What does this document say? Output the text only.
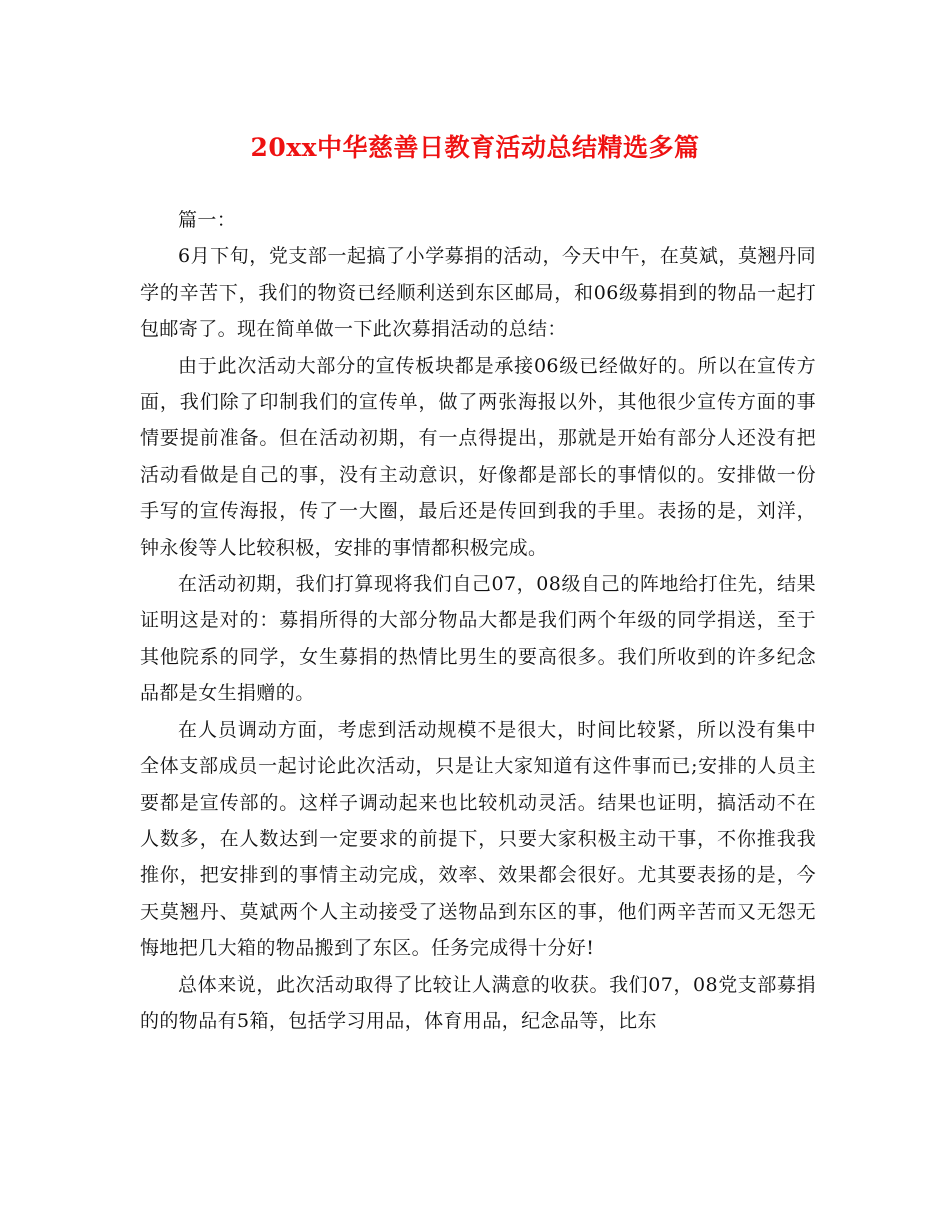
20xx中华慈善日教育活动总结精选多篇

篇一：

6月下旬，党支部一起搞了小学募捐的活动，今天中午，在莫斌，莫翘丹同学的辛苦下，我们的物资已经顺利送到东区邮局，和06级募捐到的物品一起打包邮寄了。现在简单做一下此次募捐活动的总结：

由于此次活动大部分的宣传板块都是承接06级已经做好的。所以在宣传方面，我们除了印制我们的宣传单，做了两张海报以外，其他很少宣传方面的事情要提前准备。但在活动初期，有一点得提出，那就是开始有部分人还没有把活动看做是自己的事，没有主动意识，好像都是部长的事情似的。安排做一份手写的宣传海报，传了一大圈，最后还是传回到我的手里。表扬的是，刘洋，钟永俊等人比较积极，安排的事情都积极完成。

在活动初期，我们打算现将我们自己07，08级自己的阵地给打住先，结果证明这是对的：募捐所得的大部分物品大都是我们两个年级的同学捐送，至于其他院系的同学，女生募捐的热情比男生的要高很多。我们所收到的许多纪念品都是女生捐赠的。

在人员调动方面，考虑到活动规模不是很大，时间比较紧，所以没有集中全体支部成员一起讨论此次活动，只是让大家知道有这件事而已;安排的人员主要都是宣传部的。这样子调动起来也比较机动灵活。结果也证明，搞活动不在人数多，在人数达到一定要求的前提下，只要大家积极主动干事，不你推我我推你，把安排到的事情主动完成，效率、效果都会很好。尤其要表扬的是，今天莫翘丹、莫斌两个人主动接受了送物品到东区的事，他们两辛苦而又无怨无悔地把几大箱的物品搬到了东区。任务完成得十分好!

总体来说，此次活动取得了比较让人满意的收获。我们07，08党支部募捐的的物品有5箱，包括学习用品，体育用品，纪念品等，比东
